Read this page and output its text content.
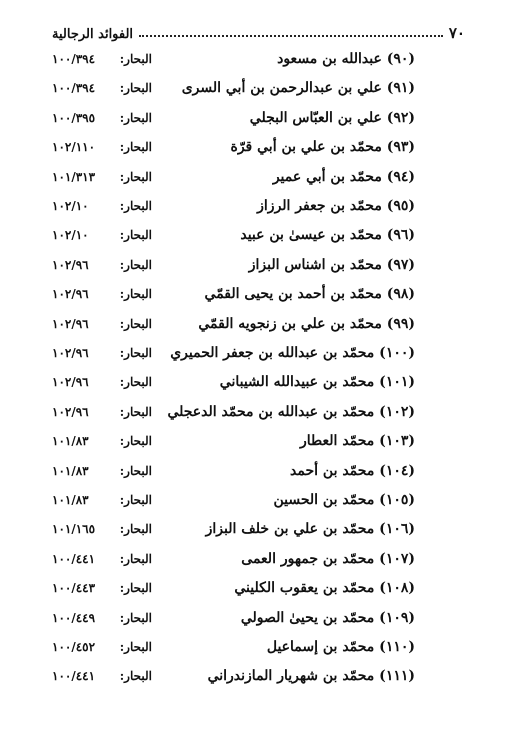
٧٠
الفوائد الرجالية
(٩٠) عبدالله بن مسعود
البحار:
١٠٠/٣٩٤
(٩١) علي بن عبدالرحمن بن أبي السرى
البحار:
١٠٠/٣٩٤
(٩٢) علي بن العبّاس البجلي
البحار:
١٠٠/٣٩٥
(٩٣) محمّد بن علي بن أبي قرّة
البحار:
١٠٢/١١٠
(٩٤) محمّد بن أبي عمير
البحار:
١٠١/٣١٣
(٩٥) محمّد بن جعفر الرزاز
البحار:
١٠٢/١٠
(٩٦) محمّد بن عيسىٰ بن عبيد
البحار:
١٠٢/١٠
(٩٧) محمّد بن اشناس البزاز
البحار:
١٠٢/٩٦
(٩٨) محمّد بن أحمد بن يحيى القمّي
البحار:
١٠٢/٩٦
(٩٩) محمّد بن علي بن زنجويه القمّي
البحار:
١٠٢/٩٦
(١٠٠) محمّد بن عبدالله بن جعفر الحميري
البحار:
١٠٢/٩٦
(١٠١) محمّد بن عبيدالله الشيباني
البحار:
١٠٢/٩٦
(١٠٢) محمّد بن عبدالله بن محمّد الدعجلي
البحار:
١٠٢/٩٦
(١٠٣) محمّد العطار
البحار:
١٠١/٨٣
(١٠٤) محمّد بن أحمد
البحار:
١٠١/٨٣
(١٠٥) محمّد بن الحسين
البحار:
١٠١/٨٣
(١٠٦) محمّد بن علي بن خلف البزاز
البحار:
١٠١/١٦٥
(١٠٧) محمّد بن جمهور العمى
البحار:
١٠٠/٤٤١
(١٠٨) محمّد بن يعقوب الكليني
البحار:
١٠٠/٤٤٣
(١٠٩) محمّد بن يحيىٰ الصولي
البحار:
١٠٠/٤٤٩
(١١٠) محمّد بن إسماعيل
البحار:
١٠٠/٤٥٢
(١١١) محمّد بن شهريار المازندراني
البحار:
١٠٠/٤٤١
